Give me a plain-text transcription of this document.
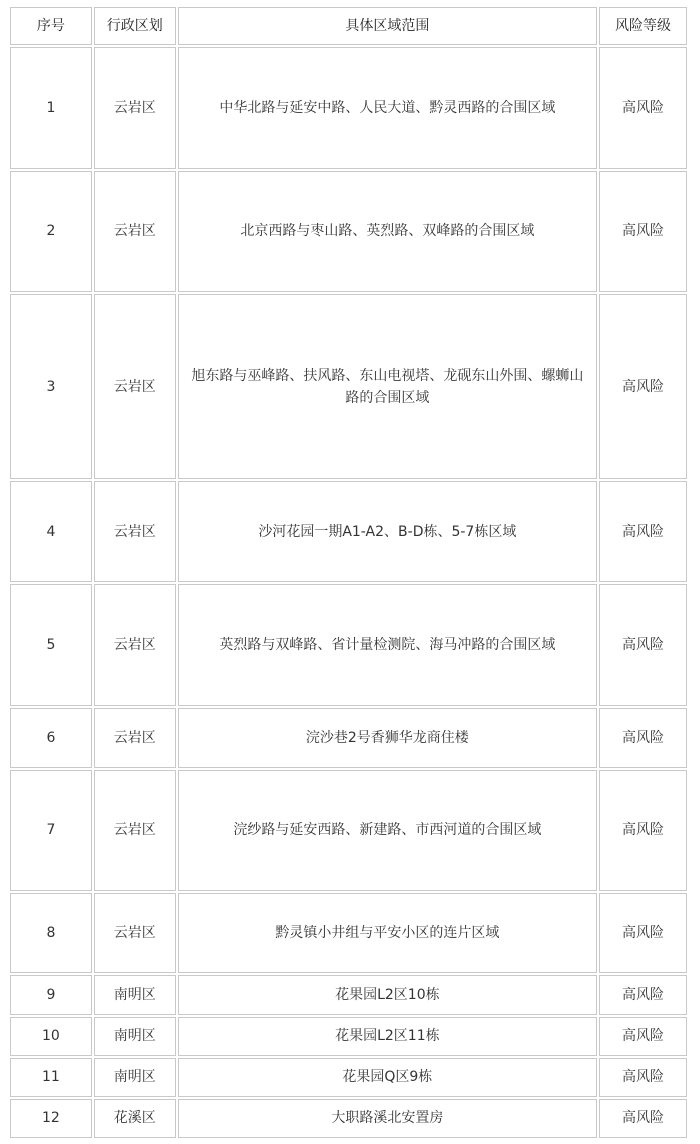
序号	行政区划	具体区域范围	风险等级
1	云岩区	中华北路与延安中路、人民大道、黔灵西路的合围区域	高风险
2	云岩区	北京西路与枣山路、英烈路、双峰路的合围区域	高风险
3	云岩区	旭东路与巫峰路、扶风路、东山电视塔、龙砚东山外围、螺蛳山路的合围区域	高风险
4	云岩区	沙河花园一期A1-A2、B-D栋、5-7栋区域	高风险
5	云岩区	英烈路与双峰路、省计量检测院、海马冲路的合围区域	高风险
6	云岩区	浣沙巷2号香狮华龙商住楼	高风险
7	云岩区	浣纱路与延安西路、新建路、市西河道的合围区域	高风险
8	云岩区	黔灵镇小井组与平安小区的连片区域	高风险
9	南明区	花果园L2区10栋	高风险
10	南明区	花果园L2区11栋	高风险
11	南明区	花果园Q区9栋	高风险
12	花溪区	大职路溪北安置房	高风险
